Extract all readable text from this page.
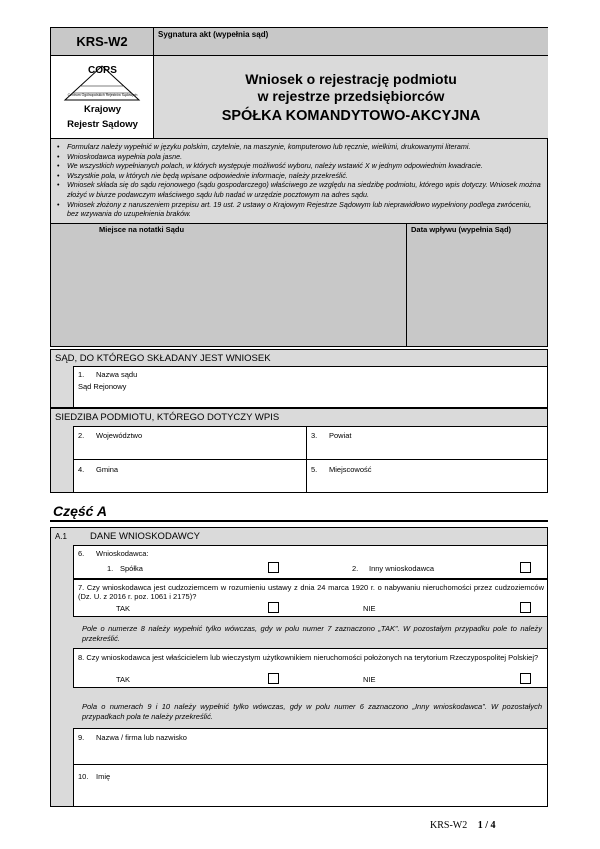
KRS-W2	Sygnatura akt (wypełnia sąd)
CORS
Centrum Ogólnopolskich Rejestrów Sądowych
Krajowy
Rejestr Sądowy
Wniosek o rejestrację podmiotu
w rejestrze przedsiębiorców
SPÓŁKA KOMANDYTOWO-AKCYJNA
• Formularz należy wypełnić w języku polskim, czytelnie, na maszynie, komputerowo lub ręcznie, wielkimi, drukowanymi literami.
• Wnioskodawca wypełnia pola jasne.
• We wszystkich wypełnianych polach, w których występuje możliwość wyboru, należy wstawić X w jednym odpowiednim kwadracie.
• Wszystkie pola, w których nie będą wpisane odpowiednie informacje, należy przekreślić.
• Wniosek składa się do sądu rejonowego (sądu gospodarczego) właściwego ze względu na siedzibę podmiotu, którego wpis dotyczy. Wniosek można złożyć w biurze podawczym właściwego sądu lub nadać w urzędzie pocztowym na adres sądu.
• Wniosek złożony z naruszeniem przepisu art. 19 ust. 2 ustawy o Krajowym Rejestrze Sądowym lub nieprawidłowo wypełniony podlega zwróceniu, bez wzywania do uzupełnienia braków.
Miejsce na notatki Sądu	Data wpływu (wypełnia Sąd)
SĄD, DO KTÓREGO SKŁADANY JEST WNIOSEK
1. Nazwa sądu
Sąd Rejonowy
SIEDZIBA PODMIOTU, KTÓREGO DOTYCZY WPIS
2. Województwo	3. Powiat
4. Gmina	5. Miejscowość
Część A
A.1 DANE WNIOSKODAWCY
6. Wnioskodawca:
1. Spółka	2. Inny wnioskodawca
7. Czy wnioskodawca jest cudzoziemcem w rozumieniu ustawy z dnia 24 marca 1920 r. o nabywaniu nieruchomości przez cudzoziemców (Dz. U. z 2016 r. poz. 1061 i 2175)?
TAK	NIE
Pole o numerze 8 należy wypełnić tylko wówczas, gdy w polu numer 7 zaznaczono „TAK”. W pozostałym przypadku pole to należy przekreślić.
8. Czy wnioskodawca jest właścicielem lub wieczystym użytkownikiem nieruchomości położonych na terytorium Rzeczypospolitej Polskiej?
TAK	NIE
Pola o numerach 9 i 10 należy wypełnić tylko wówczas, gdy w polu numer 6 zaznaczono „Inny wnioskodawca”. W pozostałych przypadkach pola te należy przekreślić.
9. Nazwa / firma lub nazwisko
10. Imię
KRS-W2 1 / 4
